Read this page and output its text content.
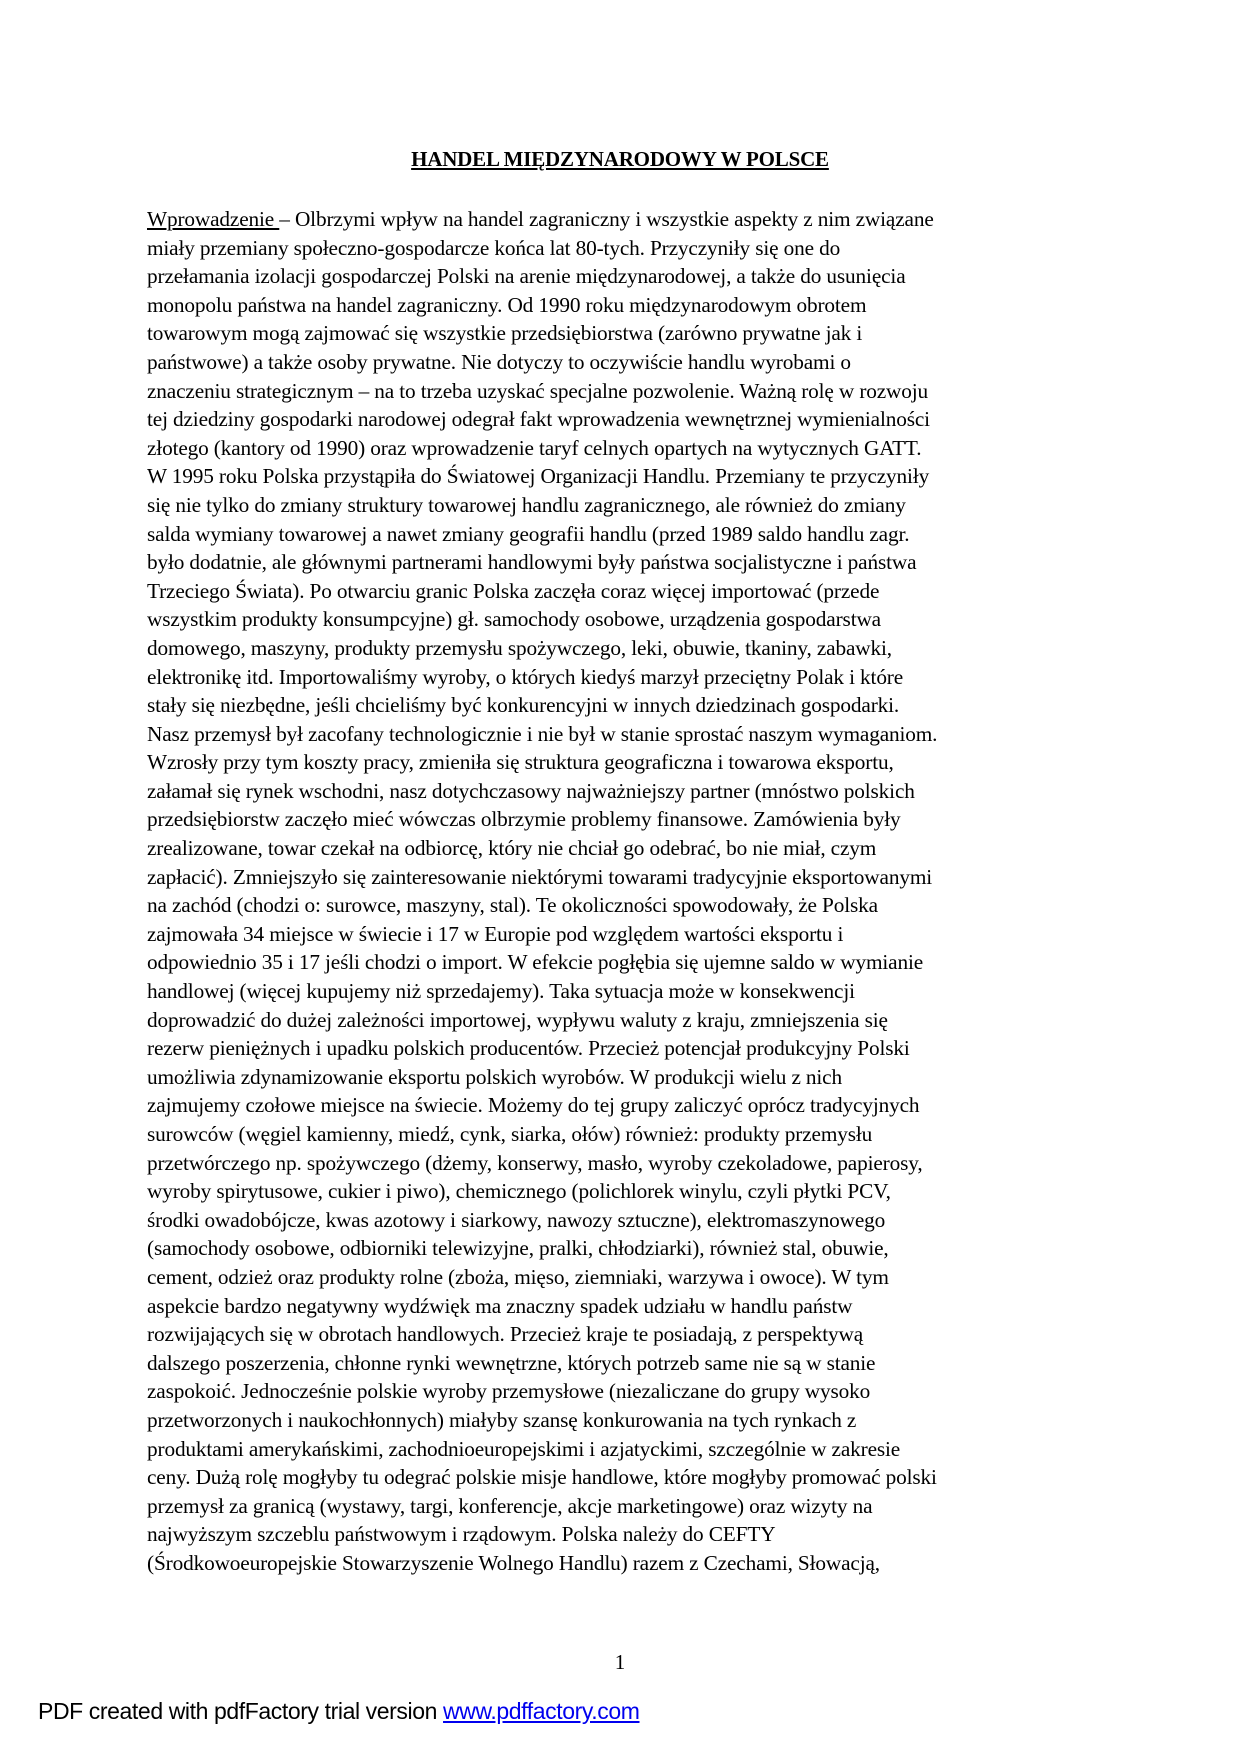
HANDEL MIĘDZYNARODOWY W POLSCE
Wprowadzenie – Olbrzymi wpływ na handel zagraniczny i wszystkie aspekty z nim związane
miały przemiany społeczno-gospodarcze końca lat 80-tych. Przyczyniły się one do
przełamania izolacji gospodarczej Polski na arenie międzynarodowej, a także do usunięcia
monopolu państwa na handel zagraniczny. Od 1990 roku międzynarodowym obrotem
towarowym mogą zajmować się wszystkie przedsiębiorstwa (zarówno prywatne jak i
państwowe) a także osoby prywatne. Nie dotyczy to oczywiście handlu wyrobami o
znaczeniu strategicznym – na to trzeba uzyskać specjalne pozwolenie. Ważną rolę w rozwoju
tej dziedziny gospodarki narodowej odegrał fakt wprowadzenia wewnętrznej wymienialności
złotego (kantory od 1990) oraz wprowadzenie taryf celnych opartych na wytycznych GATT.
W 1995 roku Polska przystąpiła do Światowej Organizacji Handlu. Przemiany te przyczyniły
się nie tylko do zmiany struktury towarowej handlu zagranicznego, ale również do zmiany
salda wymiany towarowej a nawet zmiany geografii handlu (przed 1989 saldo handlu zagr.
było dodatnie, ale głównymi partnerami handlowymi były państwa socjalistyczne i państwa
Trzeciego Świata). Po otwarciu granic Polska zaczęła coraz więcej importować (przede
wszystkim produkty konsumpcyjne) gł. samochody osobowe, urządzenia gospodarstwa
domowego, maszyny, produkty przemysłu spożywczego, leki, obuwie, tkaniny, zabawki,
elektronikę itd. Importowaliśmy wyroby, o których kiedyś marzył przeciętny Polak i które
stały się niezbędne, jeśli chcieliśmy być konkurencyjni w innych dziedzinach gospodarki.
Nasz przemysł był zacofany technologicznie i nie był w stanie sprostać naszym wymaganiom.
Wzrosły przy tym koszty pracy, zmieniła się struktura geograficzna i towarowa eksportu,
załamał się rynek wschodni, nasz dotychczasowy najważniejszy partner (mnóstwo polskich
przedsiębiorstw zaczęło mieć wówczas olbrzymie problemy finansowe. Zamówienia były
zrealizowane, towar czekał na odbiorcę, który nie chciał go odebrać, bo nie miał, czym
zapłacić). Zmniejszyło się zainteresowanie niektórymi towarami tradycyjnie eksportowanymi
na zachód (chodzi o: surowce, maszyny, stal). Te okoliczności spowodowały, że Polska
zajmowała 34 miejsce w świecie i 17 w Europie pod względem wartości eksportu i
odpowiednio 35 i 17 jeśli chodzi o import. W efekcie pogłębia się ujemne saldo w wymianie
handlowej (więcej kupujemy niż sprzedajemy). Taka sytuacja może w konsekwencji
doprowadzić do dużej zależności importowej, wypływu waluty z kraju, zmniejszenia się
rezerw pieniężnych i upadku polskich producentów. Przecież potencjał produkcyjny Polski
umożliwia zdynamizowanie eksportu polskich wyrobów. W produkcji wielu z nich
zajmujemy czołowe miejsce na świecie. Możemy do tej grupy zaliczyć oprócz tradycyjnych
surowców (węgiel kamienny, miedź, cynk, siarka, ołów) również: produkty przemysłu
przetwórczego np. spożywczego (dżemy, konserwy, masło, wyroby czekoladowe, papierosy,
wyroby spirytusowe, cukier i piwo), chemicznego (polichlorek winylu, czyli płytki PCV,
środki owadobójcze, kwas azotowy i siarkowy, nawozy sztuczne), elektromaszynowego
(samochody osobowe, odbiorniki telewizyjne, pralki, chłodziarki), również stal, obuwie,
cement, odzież oraz produkty rolne (zboża, mięso, ziemniaki, warzywa i owoce). W tym
aspekcie bardzo negatywny wydźwięk ma znaczny spadek udziału w handlu państw
rozwijających się w obrotach handlowych. Przecież kraje te posiadają, z perspektywą
dalszego poszerzenia, chłonne rynki wewnętrzne, których potrzeb same nie są w stanie
zaspokoić. Jednocześnie polskie wyroby przemysłowe (niezaliczane do grupy wysoko
przetworzonych i naukochłonnych) miałyby szansę konkurowania na tych rynkach z
produktami amerykańskimi, zachodnioeuropejskimi i azjatyckimi, szczególnie w zakresie
ceny. Dużą rolę mogłyby tu odegrać polskie misje handlowe, które mogłyby promować polski
przemysł za granicą (wystawy, targi, konferencje, akcje marketingowe) oraz wizyty na
najwyższym szczeblu państwowym i rządowym. Polska należy do CEFTY
(Środkowoeuropejskie Stowarzyszenie Wolnego Handlu) razem z Czechami, Słowacją,
1
PDF created with pdfFactory trial version www.pdffactory.com
